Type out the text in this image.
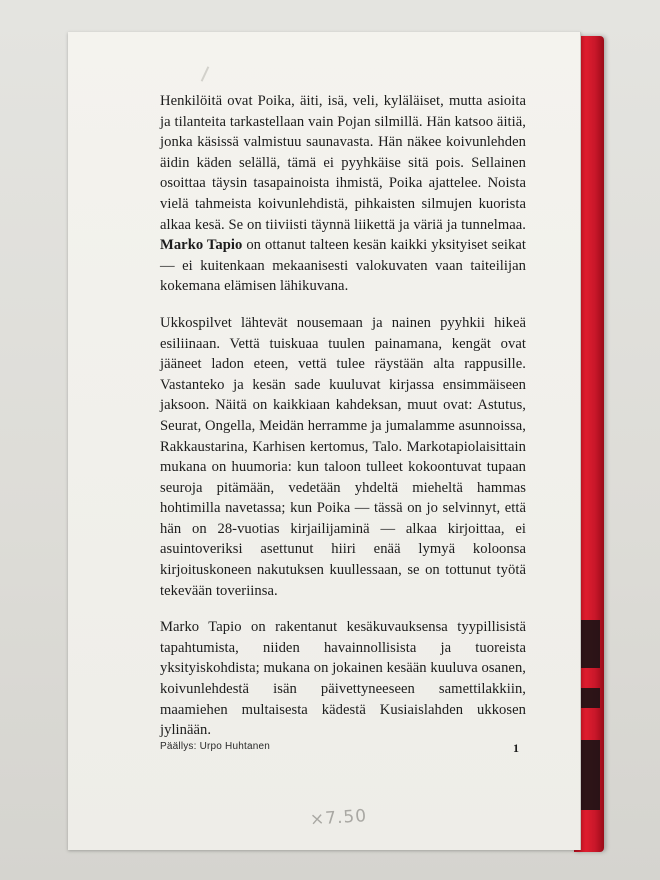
Henkilöitä ovat Poika, äiti, isä, veli, kyläläiset, mutta asioita ja tilanteita tarkastellaan vain Pojan silmillä. Hän katsoo äitiä, jonka käsissä valmistuu saunavasta. Hän näkee koivunlehden äidin käden selällä, tämä ei pyyhkäise sitä pois. Sellainen osoittaa täysin tasapainoista ihmistä, Poika ajattelee. Noista vielä tahmeista koivunlehdistä, pihkaisten silmujen kuorista alkaa kesä. Se on tiiviisti täynnä liikettä ja väriä ja tunnelmaa. Marko Tapio on ottanut talteen kesän kaikki yksityiset seikat — ei kuitenkaan mekaanisesti valokuvaten vaan taiteilijan kokemana elämisen lähikuvana.

Ukkospilvet lähtevät nousemaan ja nainen pyyhkii hikeä esiliinaan. Vettä tuiskuaa tuulen painamana, kengät ovat jääneet ladon eteen, vettä tulee räystään alta rappusille. Vastanteko ja kesän sade kuuluvat kirjassa ensimmäiseen jaksoon. Näitä on kaikkiaan kahdeksan, muut ovat: Astutus, Seurat, Ongella, Meidän herramme ja jumalamme asunnoissa, Rakkaustarina, Karhisen kertomus, Talo. Markotapiolaisittain mukana on huumoria: kun taloon tulleet kokoontuvat tupaan seuroja pitämään, vedetään yhdeltä mieheltä hammas hohtimilla navetassa; kun Poika — tässä on jo selvinnyt, että hän on 28-vuotias kirjailijaminä — alkaa kirjoittaa, ei asuintoveriksi asettunut hiiri enää lymyä koloonsa kirjoituskoneen nakutuksen kuullessaan, se on tottunut työtä tekevään toveriinsa.

Marko Tapio on rakentanut kesäkuvauksensa tyypillisistä tapahtumista, niiden havainnollisista ja tuoreista yksityiskohdista; mukana on jokainen kesään kuuluva osanen, koivunlehdestä isän päivettyneeseen samettilakkiin, maamiehen multaisesta kädestä Kusiaislahden ukkosen jylinään.

Päällys: Urpo Huhtanen	1
×7.50
